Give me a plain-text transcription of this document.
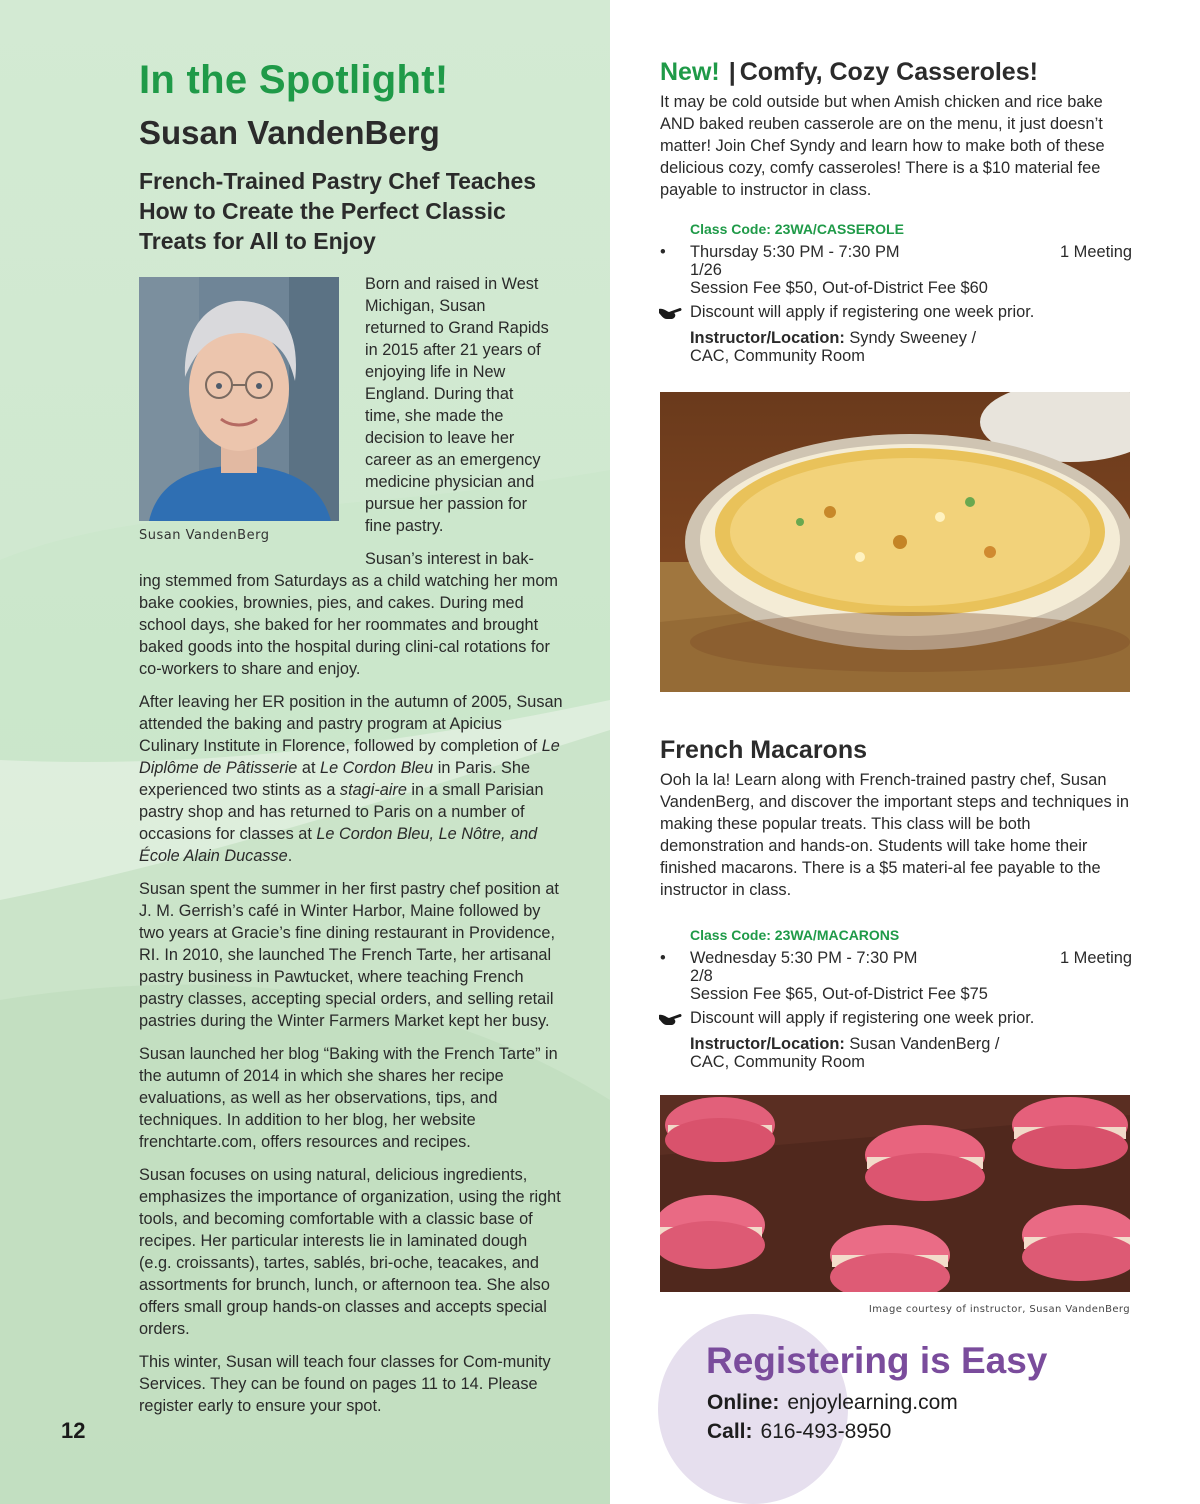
In the Spotlight!
Susan VandenBerg
French-Trained Pastry Chef Teaches How to Create the Perfect Classic Treats for All to Enjoy

Susan VandenBerg

Born and raised in West Michigan, Susan returned to Grand Rapids in 2015 after 21 years of enjoying life in New England. During that time, she made the decision to leave her career as an emergency medicine physician and pursue her passion for fine pastry.

Susan’s interest in bak-
ing stemmed from Saturdays as a child watching her mom bake cookies, brownies, pies, and cakes. During med school days, she baked for her roommates and brought baked goods into the hospital during clini-cal rotations for co-workers to share and enjoy.

After leaving her ER position in the autumn of 2005, Susan attended the baking and pastry program at Apicius Culinary Institute in Florence, followed by completion of Le Diplôme de Pâtisserie at Le Cordon Bleu in Paris. She experienced two stints as a stagi-aire in a small Parisian pastry shop and has returned to Paris on a number of occasions for classes at Le Cordon Bleu, Le Nôtre, and École Alain Ducasse.

Susan spent the summer in her first pastry chef position at J. M. Gerrish’s café in Winter Harbor, Maine followed by two years at Gracie’s fine dining restaurant in Providence, RI. In 2010, she launched The French Tarte, her artisanal pastry business in Pawtucket, where teaching French pastry classes, accepting special orders, and selling retail pastries during the Winter Farmers Market kept her busy.

Susan launched her blog “Baking with the French Tarte” in the autumn of 2014 in which she shares her recipe evaluations, as well as her observations, tips, and techniques. In addition to her blog, her website frenchtarte.com, offers resources and recipes.

Susan focuses on using natural, delicious ingredients, emphasizes the importance of organization, using the right tools, and becoming comfortable with a classic base of recipes. Her particular interests lie in laminated dough (e.g. croissants), tartes, sablés, bri-oche, teacakes, and assortments for brunch, lunch, or afternoon tea. She also offers small group hands-on classes and accepts special orders.

This winter, Susan will teach four classes for Com-munity Services. They can be found on pages 11 to 14. Please register early to ensure your spot.

12

New! | Comfy, Cozy Casseroles!

It may be cold outside but when Amish chicken and rice bake AND baked reuben casserole are on the menu, it just doesn’t matter! Join Chef Syndy and learn how to make both of these delicious cozy, comfy casseroles! There is a $10 material fee payable to instructor in class.

Class Code: 23WA/CASSEROLE

• Thursday 5:30 PM - 7:30 PM	1 Meeting
1/26
Session Fee $50, Out-of-District Fee $60
Discount will apply if registering one week prior.
Instructor/Location: Syndy Sweeney /
CAC, Community Room
French Macarons

Ooh la la! Learn along with French-trained pastry chef, Susan VandenBerg, and discover the important steps and techniques in making these popular treats. This class will be both demonstration and hands-on. Students will take home their finished macarons. There is a $5 materi-al fee payable to the instructor in class.

Class Code: 23WA/MACARONS

• Wednesday 5:30 PM - 7:30 PM	1 Meeting
2/8
Session Fee $65, Out-of-District Fee $75
Discount will apply if registering one week prior.
Instructor/Location: Susan VandenBerg /
CAC, Community Room

Image courtesy of instructor, Susan VandenBerg

Registering is Easy

Online: enjoylearning.com

Call: 616-493-8950
